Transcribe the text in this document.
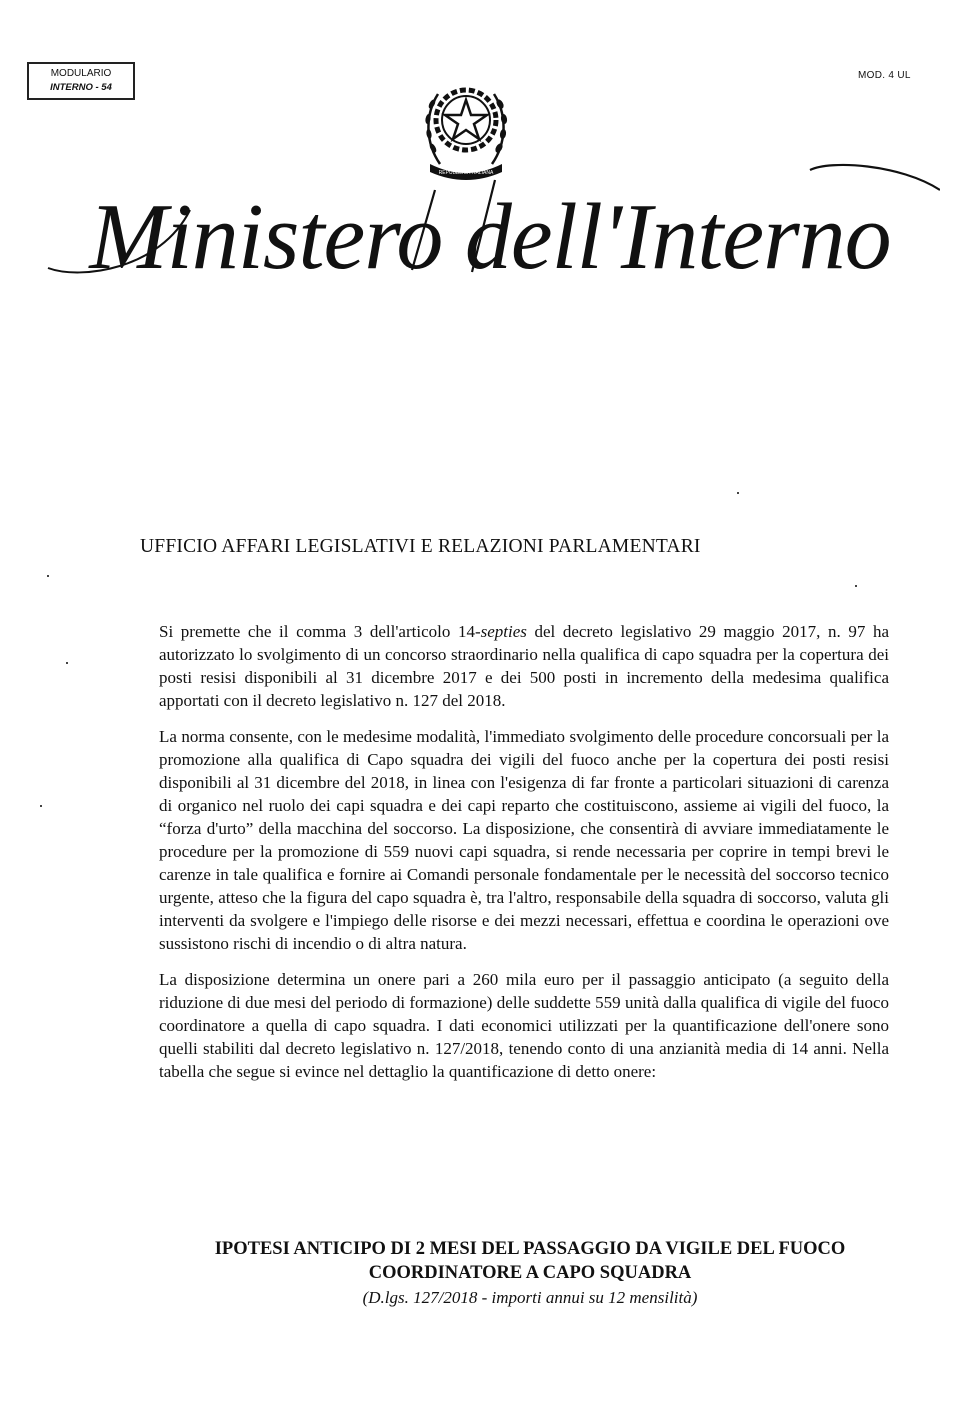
MODULARIO
INTERNO - 54
MOD. 4 UL
REPUBBLICA ITALIANA
Ministero dell'Interno
UFFICIO AFFARI LEGISLATIVI E RELAZIONI PARLAMENTARI

Si premette che il comma 3 dell'articolo 14-septies del decreto legislativo 29 maggio 2017, n. 97 ha autorizzato lo svolgimento di un concorso straordinario nella qualifica di capo squadra per la copertura dei posti resisi disponibili al 31 dicembre 2017 e dei 500 posti in incremento della medesima qualifica apportati con il decreto legislativo n. 127 del 2018.

La norma consente, con le medesime modalità, l'immediato svolgimento delle procedure concorsuali per la promozione alla qualifica di Capo squadra dei vigili del fuoco anche per la copertura dei posti resisi disponibili al 31 dicembre del 2018, in linea con l'esigenza di far fronte a particolari situazioni di carenza di organico nel ruolo dei capi squadra e dei capi reparto che costituiscono, assieme ai vigili del fuoco, la “forza d'urto” della macchina del soccorso. La disposizione, che consentirà di avviare immediatamente le procedure per la promozione di 559 nuovi capi squadra, si rende necessaria per coprire in tempi brevi le carenze in tale qualifica e fornire ai Comandi personale fondamentale per le necessità del soccorso tecnico urgente, atteso che la figura del capo squadra è, tra l'altro, responsabile della squadra di soccorso, valuta gli interventi da svolgere e l'impiego delle risorse e dei mezzi necessari, effettua e coordina le operazioni ove sussistono rischi di incendio o di altra natura.

La disposizione determina un onere pari a 260 mila euro per il passaggio anticipato (a seguito della riduzione di due mesi del periodo di formazione) delle suddette 559 unità dalla qualifica di vigile del fuoco coordinatore a quella di capo squadra. I dati economici utilizzati per la quantificazione dell'onere sono quelli stabiliti dal decreto legislativo n. 127/2018, tenendo conto di una anzianità media di 14 anni. Nella tabella che segue si evince nel dettaglio la quantificazione di detto onere:

IPOTESI ANTICIPO DI 2 MESI DEL PASSAGGIO DA VIGILE DEL FUOCO
COORDINATORE A CAPO SQUADRA
(D.lgs. 127/2018 - importi annui su 12 mensilità)
